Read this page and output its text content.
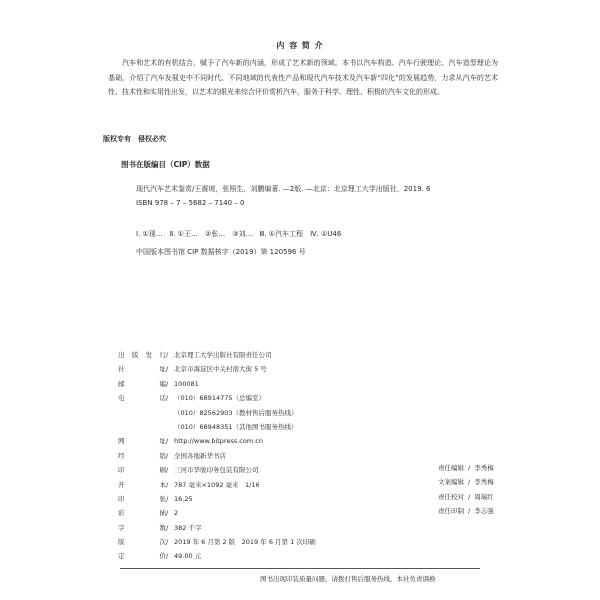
内 容 简 介

汽车和艺术的有机结合，赋予了汽车新的内涵，形成了艺术新的领域。本书以汽车构造、汽车行驶理论、汽车造型理论为基础，介绍了汽车发展史中不同时代、不同地域的代表性产品和现代汽车技术及汽车新“四化”的发展趋势，力求从汽车的艺术性、技术性和实用性出发，以艺术的眼光来综合评价赏析汽车，服务于科学、理性、积极的汽车文化的形成。

版权专有　侵权必究
图书在版编目（CIP）数据
现代汽车艺术鉴赏/王震坡，张照生，刘鹏编著. —2版. —北京：北京理工大学出版社，2019. 6
ISBN 978 – 7 – 5682 – 7140 – 0
Ⅰ. ①现…　Ⅱ. ①王…　②张…　③刘…　Ⅲ. ①汽车工程　Ⅳ. ①U46
中国版本图书馆 CIP 数据核字（2019）第 120596 号
出 版 发 行 / 北京理工大学出版社有限责任公司
社	址 / 北京市海淀区中关村南大街 5 号
邮	编 / 100081
电	话 / （010）68914775（总编室）
（010）82562903（教材售后服务热线）
（010）68948351（其他图书服务热线）
网	址 / http://www.bitpress.com.cn
经	销 / 全国各地新华书店
印	刷 / 三河市华骏印务包装有限公司
开	本 / 787 毫米×1092 毫米　1/16
印	张 / 16.25
彩	插 / 2
字	数 / 382 千字
版	次 / 2019 年 6 月第 2 版　2019 年 6 月第 1 次印刷
定	价 / 49.00 元
责任编辑 / 李秀梅
文案编辑 / 李秀梅
责任校对 / 周瑞红
责任印制 / 李志强
图书出现印装质量问题，请拨打售后服务热线，本社负责调换
